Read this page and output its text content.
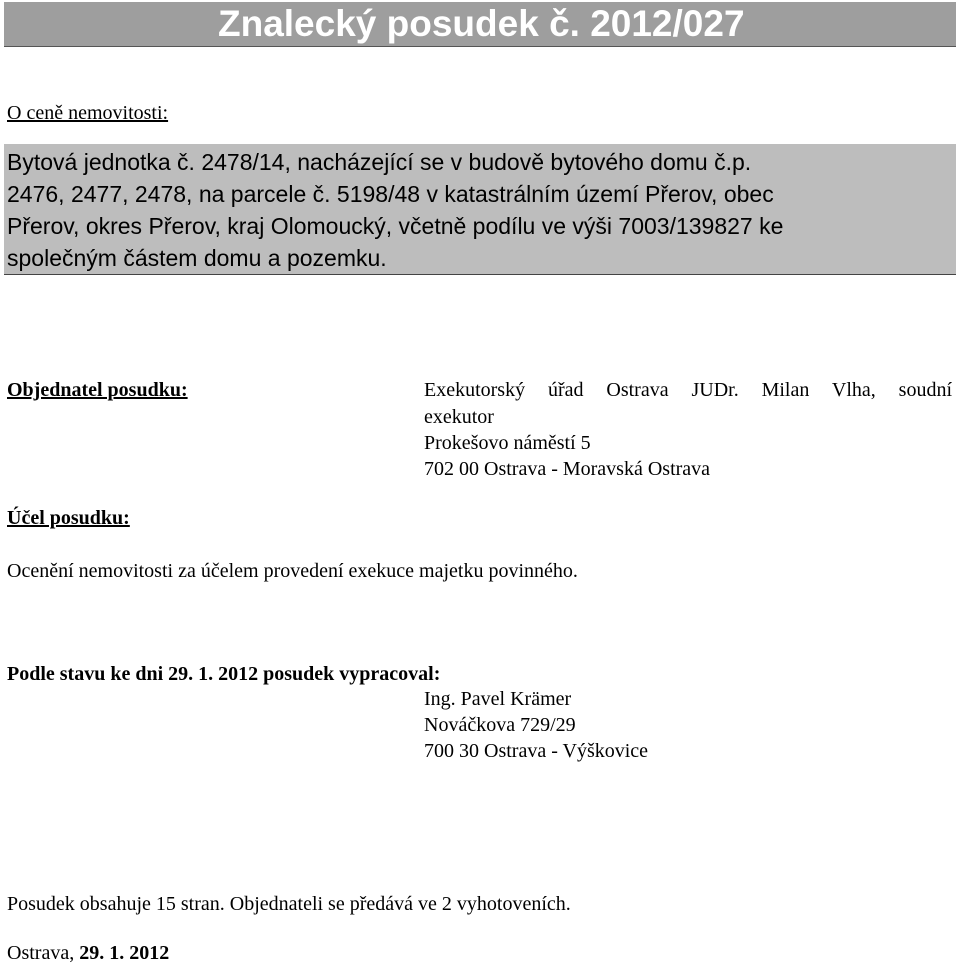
Znalecký posudek č. 2012/027
O ceně nemovitosti:
Bytová jednotka č. 2478/14, nacházející se v budově bytového domu č.p.
2476, 2477, 2478, na parcele č. 5198/48 v katastrálním území Přerov, obec
Přerov, okres Přerov, kraj Olomoucký, včetně podílu ve výši 7003/139827 ke
společným částem domu a pozemku.
Objednatel posudku:	Exekutorský úřad Ostrava JUDr. Milan Vlha, soudní
exekutor
Prokešovo náměstí 5
702 00 Ostrava - Moravská Ostrava
Účel posudku:
Ocenění nemovitosti za účelem provedení exekuce majetku povinného.
Podle stavu ke dni 29. 1. 2012 posudek vypracoval:
Ing. Pavel Krämer
Nováčkova 729/29
700 30 Ostrava - Výškovice
Posudek obsahuje 15 stran. Objednateli se předává ve 2 vyhotoveních.
Ostrava, 29. 1. 2012
